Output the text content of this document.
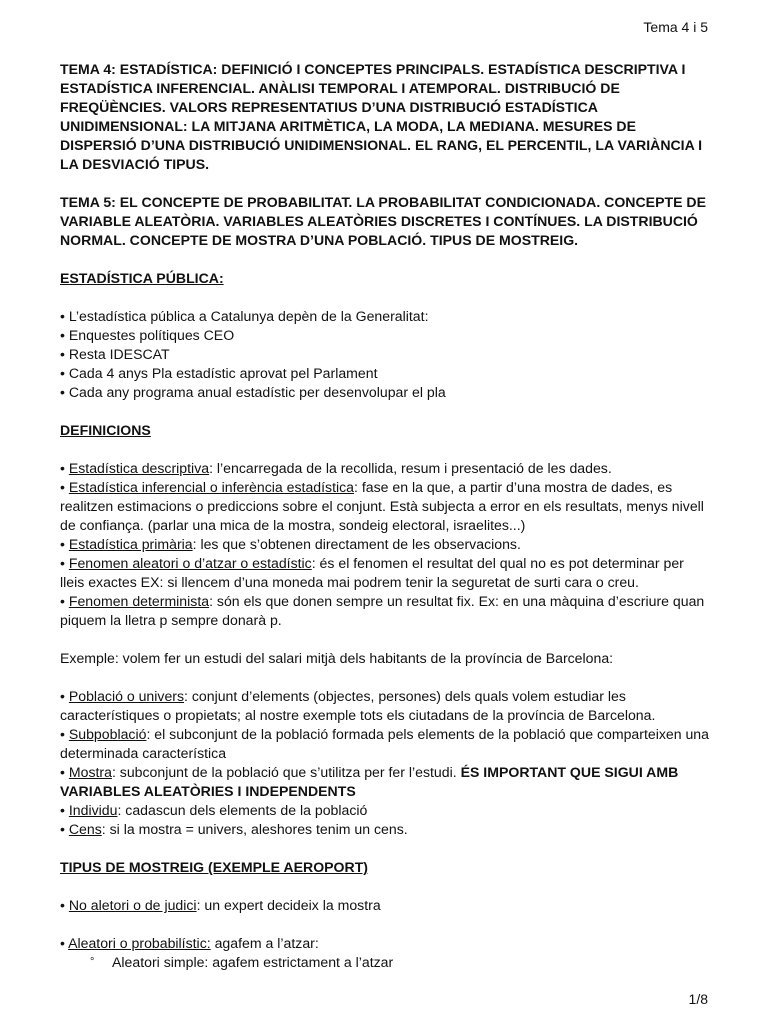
Tema 4 i 5

TEMA 4: ESTADÍSTICA: DEFINICIÓ I CONCEPTES PRINCIPALS. ESTADÍSTICA DESCRIPTIVA I ESTADÍSTICA INFERENCIAL. ANÀLISI TEMPORAL I ATEMPORAL. DISTRIBUCIÓ DE FREQÜÈNCIES. VALORS REPRESENTATIUS D’UNA DISTRIBUCIÓ ESTADÍSTICA UNIDIMENSIONAL: LA MITJANA ARITMÈTICA, LA MODA, LA MEDIANA. MESURES DE DISPERSIÓ D’UNA DISTRIBUCIÓ UNIDIMENSIONAL. EL RANG, EL PERCENTIL, LA VARIÀNCIA I LA DESVIACIÓ TIPUS.

TEMA 5: EL CONCEPTE DE PROBABILITAT. LA PROBABILITAT CONDICIONADA. CONCEPTE DE VARIABLE ALEATÒRIA. VARIABLES ALEATÒRIES DISCRETES I CONTÍNUES. LA DISTRIBUCIÓ NORMAL. CONCEPTE DE MOSTRA D’UNA POBLACIÓ. TIPUS DE MOSTREIG.

ESTADÍSTICA PÚBLICA:

• L’estadística pública a Catalunya depèn de la Generalitat:

• Enquestes polítiques CEO

• Resta IDESCAT

• Cada 4 anys Pla estadístic aprovat pel Parlament

• Cada any programa anual estadístic per desenvolupar el pla

DEFINICIONS

• Estadística descriptiva: l’encarregada de la recollida, resum i presentació de les dades.

• Estadística inferencial o inferència estadística: fase en la que, a partir d’una mostra de dades, es realitzen estimacions o prediccions sobre el conjunt. Està subjecta a error en els resultats, menys nivell de confiança. (parlar una mica de la mostra, sondeig electoral, israelites...)

• Estadística primària: les que s’obtenen directament de les observacions.

• Fenomen aleatori o d’atzar o estadístic: és el fenomen el resultat del qual no es pot determinar per lleis exactes EX: si llencem d’una moneda mai podrem tenir la seguretat de surti cara o creu.

• Fenomen determinista: són els que donen sempre un resultat fix. Ex: en una màquina d’escriure quan piquem la lletra p sempre donarà p.

Exemple: volem fer un estudi del salari mitjà dels habitants de la província de Barcelona:

• Població o univers: conjunt d’elements (objectes, persones) dels quals volem estudiar les característiques o propietats; al nostre exemple tots els ciutadans de la província de Barcelona.

• Subpoblació: el subconjunt de la població formada pels elements de la població que comparteixen una determinada característica

• Mostra: subconjunt de la població que s’utilitza per fer l’estudi. ÉS IMPORTANT QUE SIGUI AMB VARIABLES ALEATÒRIES I INDEPENDENTS

• Individu: cadascun dels elements de la població

• Cens: si la mostra = univers, aleshores tenim un cens.

TIPUS DE MOSTREIG (EXEMPLE AEROPORT)

• No aletori o de judici: un expert decideix la mostra

• Aleatori o probabilístic: agafem a l’atzar:

°	Aleatori simple: agafem estrictament a l’atzar
1/8
